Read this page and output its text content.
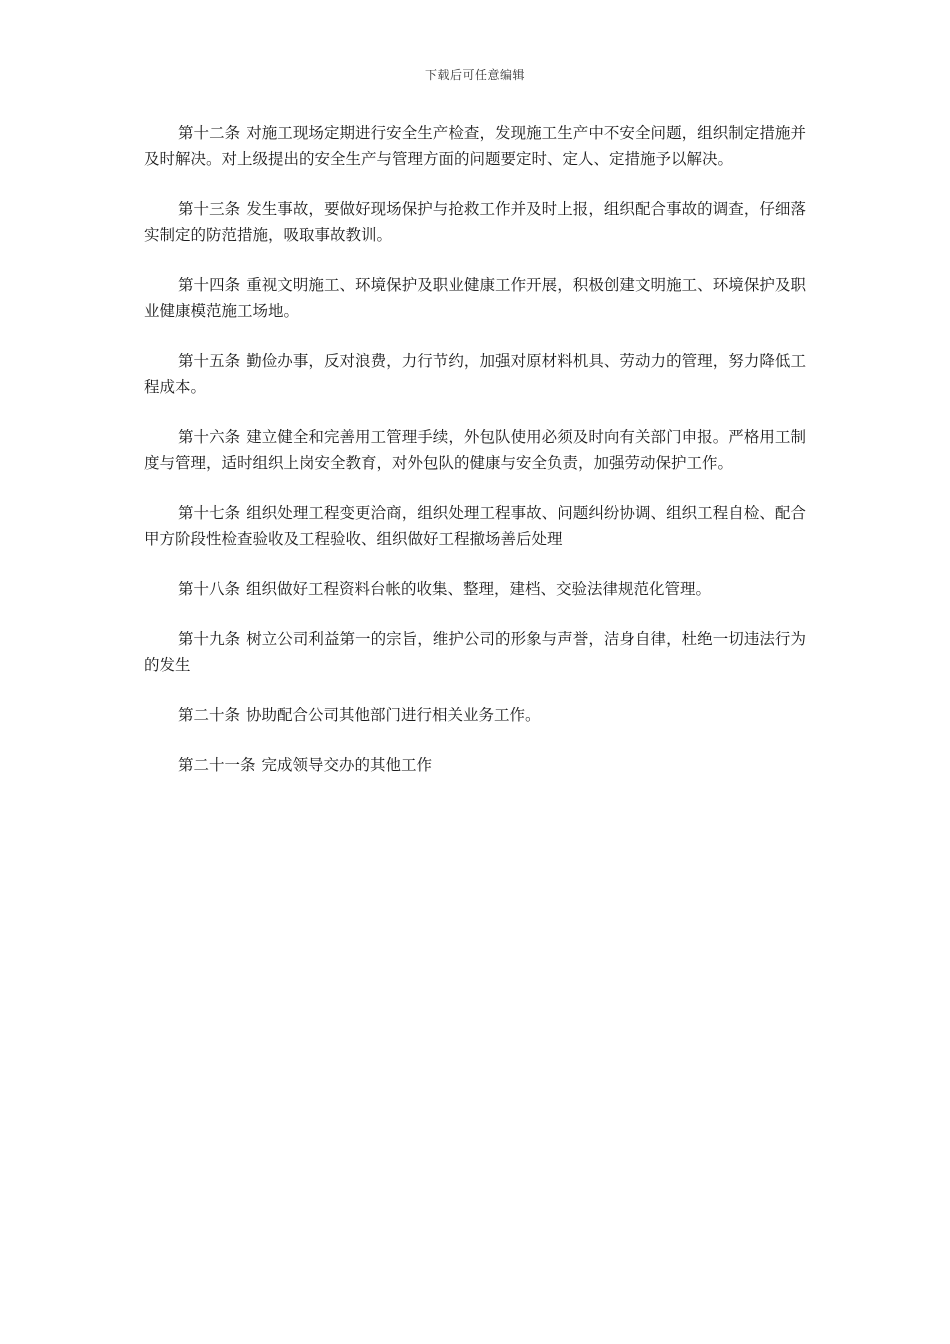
下载后可任意编辑

第十二条 对施工现场定期进行安全生产检查，发现施工生产中不安全问题，组织制定措施并及时解决。对上级提出的安全生产与管理方面的问题要定时、定人、定措施予以解决。

第十三条 发生事故，要做好现场保护与抢救工作并及时上报，组织配合事故的调查，仔细落实制定的防范措施，吸取事故教训。

第十四条 重视文明施工、环境保护及职业健康工作开展，积极创建文明施工、环境保护及职业健康模范施工场地。

第十五条 勤俭办事，反对浪费，力行节约，加强对原材料机具、劳动力的管理，努力降低工程成本。

第十六条 建立健全和完善用工管理手续，外包队使用必须及时向有关部门申报。严格用工制度与管理，适时组织上岗安全教育，对外包队的健康与安全负责，加强劳动保护工作。

第十七条 组织处理工程变更洽商，组织处理工程事故、问题纠纷协调、组织工程自检、配合甲方阶段性检查验收及工程验收、组织做好工程撤场善后处理

第十八条 组织做好工程资料台帐的收集、整理，建档、交验法律规范化管理。

第十九条 树立公司利益第一的宗旨，维护公司的形象与声誉，洁身自律，杜绝一切违法行为的发生

第二十条 协助配合公司其他部门进行相关业务工作。

第二十一条 完成领导交办的其他工作
